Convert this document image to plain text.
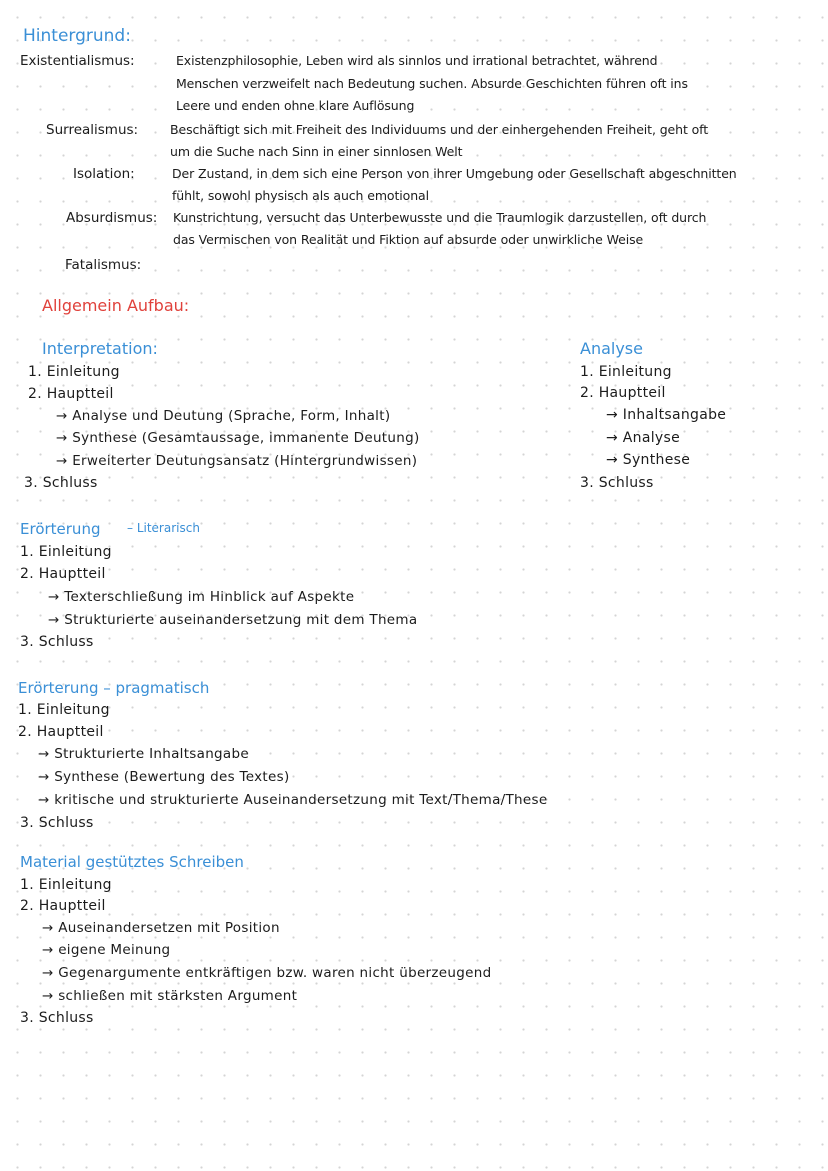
Hintergrund:
Existentialismus:	Existenzphilosophie, Leben wird als sinnlos und irrational betrachtet, während
Menschen verzweifelt nach Bedeutung suchen. Absurde Geschichten führen oft ins
Leere und enden ohne klare Auflösung
Surrealismus:	Beschäftigt sich mit Freiheit des Individuums und der einhergehenden Freiheit, geht oft
um die Suche nach Sinn in einer sinnlosen Welt
Isolation:	Der Zustand, in dem sich eine Person von ihrer Umgebung oder Gesellschaft abgeschnitten
fühlt, sowohl physisch als auch emotional
Absurdismus: Kunstrichtung, versucht das Unterbewusste und die Traumlogik darzustellen, oft durch
das Vermischen von Realität und Fiktion auf absurde oder unwirkliche Weise
Fatalismus:
Allgemein Aufbau:
Interpretation:
1. Einleitung
2. Hauptteil
→ Analyse und Deutung (Sprache, Form, Inhalt)
→ Synthese (Gesamtaussage, immanente Deutung)
→ Erweiterter Deutungsansatz (Hintergrundwissen)
3. Schluss
Analyse
1. Einleitung
2. Hauptteil
→ Inhaltsangabe
→ Analyse
→ Synthese
3. Schluss
Erörterung – Literarisch
1. Einleitung
2. Hauptteil
→ Texterschließung im Hinblick auf Aspekte
→ Strukturierte auseinandersetzung mit dem Thema
3. Schluss
Erörterung – pragmatisch
1. Einleitung
2. Hauptteil
→ Strukturierte Inhaltsangabe
→ Synthese (Bewertung des Textes)
→ kritische und strukturierte Auseinandersetzung mit Text/Thema/These
3. Schluss
Material gestütztes Schreiben
1. Einleitung
2. Hauptteil
→ Auseinandersetzen mit Position
→ eigene Meinung
→ Gegenargumente entkräftigen bzw. waren nicht überzeugend
→ schließen mit stärksten Argument
3. Schluss
